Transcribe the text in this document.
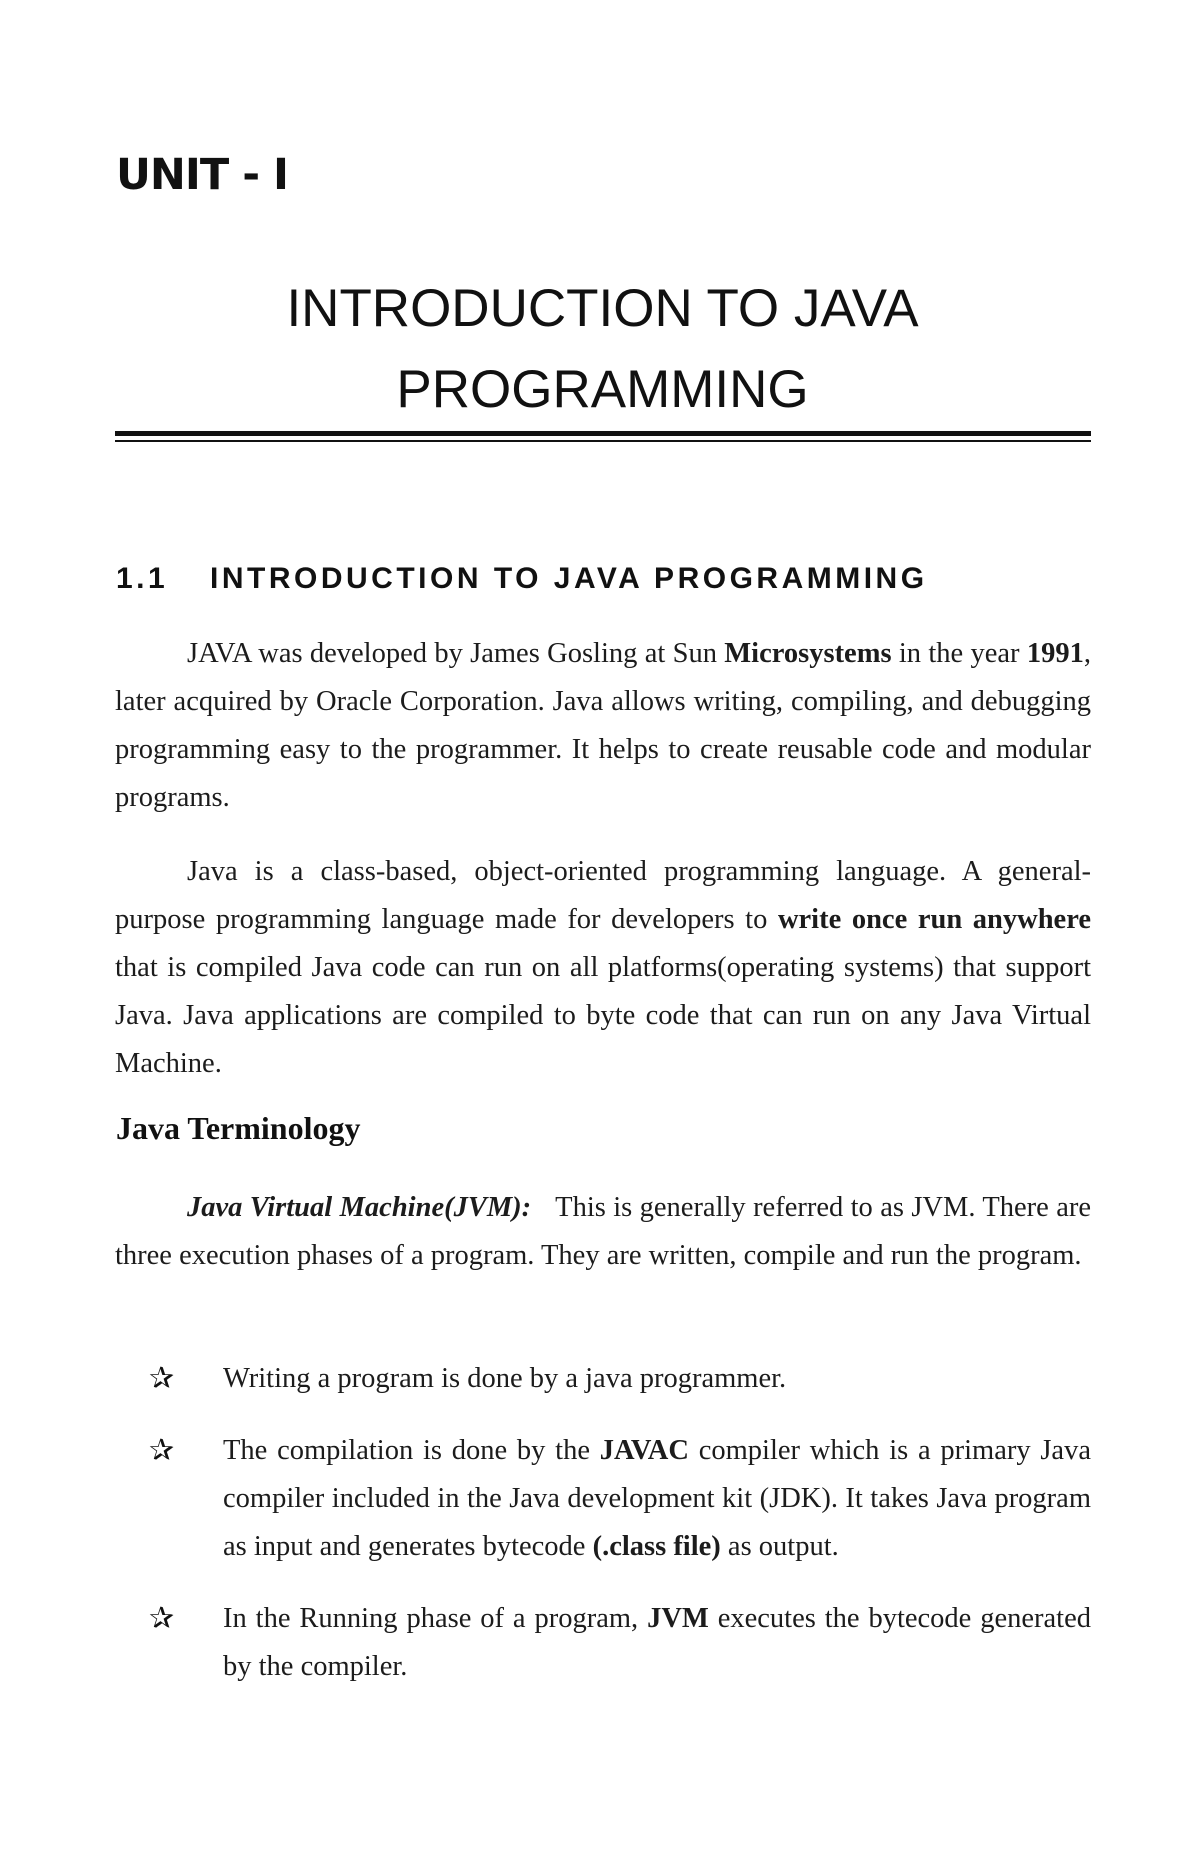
UNIT - I
INTRODUCTION TO JAVA
PROGRAMMING
1.1	INTRODUCTION TO JAVA PROGRAMMING

JAVA was developed by James Gosling at Sun Microsystems in the year 1991, later acquired by Oracle Corporation. Java allows writing, compiling, and debugging programming easy to the programmer. It helps to create reusable code and modular programs.

Java is a class-based, object-oriented programming language. A general-purpose programming language made for developers to write once run anywhere that is compiled Java code can run on all platforms(operating systems) that support Java. Java applications are compiled to byte code that can run on any Java Virtual Machine.

Java Terminology

Java Virtual Machine(JVM): This is generally referred to as JVM. There are three execution phases of a program. They are written, compile and run the program.

✰ Writing a program is done by a java programmer.
✰ The compilation is done by the JAVAC compiler which is a primary Java compiler included in the Java development kit (JDK). It takes Java program as input and generates bytecode (.class file) as output.
✰ In the Running phase of a program, JVM executes the bytecode generated by the compiler.
